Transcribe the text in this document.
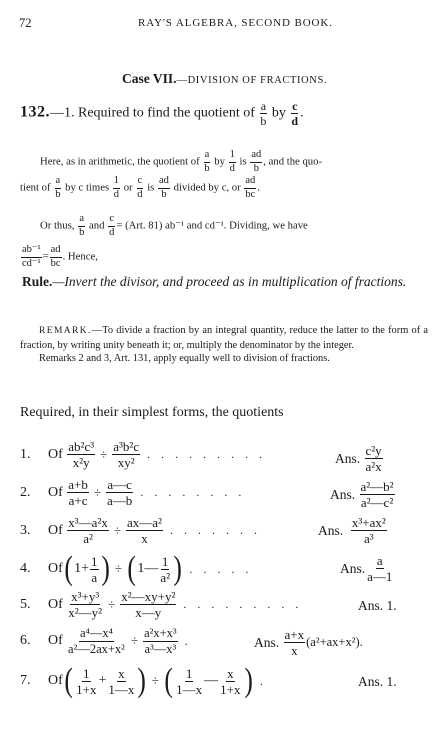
72	RAY'S ALGEBRA, SECOND BOOK.
Case VII.—DIVISION OF FRACTIONS.
132.—1. Required to find the quotient of $\frac{a}{b}$ by $\frac{c}{d}$ .
Here, as in arithmetic, the quotient of $\frac{a}{b}$ by $\frac{1}{d}$ is $\frac{ad}{b}$ , and the quo-
tient of $\frac{a}{b}$ by c times $\frac{1}{d}$ or $\frac{c}{d}$ is $\frac{ad}{b}$ divided by c, or $\frac{ad}{bc}$ .
Or thus, $\frac{a}{b}$ and $\frac{c}{d} = (Art$. 81) ab⁻¹ and cd⁻¹. Dividing, we have
$\frac{\text{ab⁻¹}}{\text{cd⁻¹}} = \frac{ad}{bc}$ . Hence,
Rule.—Invert the divisor, and proceed as in multiplication of fractions.

REMARK.—To divide a fraction by an integral quantity, reduce the latter to the form of a fraction, by writing unity beneath it; or, multiply the denominator by the integer.

Remarks 2 and 3, Art. 131, apply equally well to division of fractions.

Required, in their simplest forms, the quotients
1.	Of
$\frac{\text{ab²c³}}{\text{x²y}} \div \frac{\text{a³b²c}}{\text{xy²}}$ . . . . . . . . .	Ans.
$\frac{\text{c²y}}{\text{a²x}}$
2.	Of
$\frac{a+b}{a+c} \div \frac{a—c}{a—b}$ . . . . . . . .	Ans.
$\frac{\text{a²—b²}}{\text{a²—c²}}$
3.	Of
$\frac{\text{x³—a²x}}{\text{a²}} \div \frac{\text{ax—a²}}{x}$ . . . . . . .	Ans.
$\frac{\text{x³+ax²}}{\text{a³}}$
4.	Of ( $1+ \frac{1}{a}$ ) ÷ ( 1— $\frac{1}{\text{a²}}$ ) . . . . .	Ans. $\frac{a}{a—1}$
5.	Of
$\frac{\text{x³+y³}}{\text{x²—y²}} \div \frac{\text{x²—xy+y²}}{x—y}$ . . . . . . . . .	Ans.
1.
6.	Of
$\frac{\text{a⁴—x⁴}}{\text{a²—2ax+x²}} \div \frac{\text{a²x+x³}}{\text{a³—x³}}$ .	Ans.
$\frac{a+x}{x} (a^2+ax+x^2)$.
7.	Of ( $\frac{1}{1+x} + \frac{x}{1—x}$ ) ÷ ( $\frac{1}{1—x}$ — $\frac{x}{1+x}$ ) .	Ans.
1.
